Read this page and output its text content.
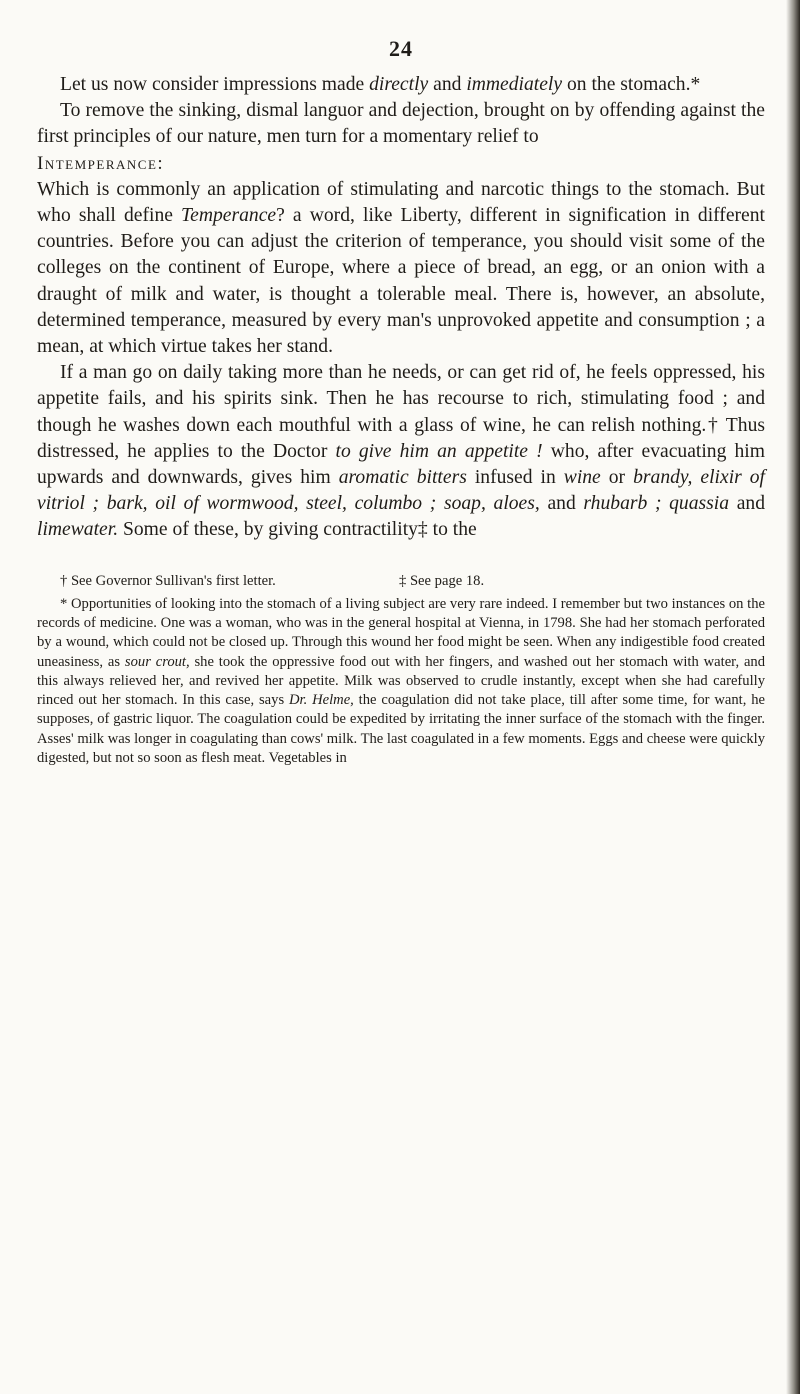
24

Let us now consider impressions made directly and immediately on the stomach.*

To remove the sinking, dismal languor and dejection, brought on by offending against the first principles of our nature, men turn for a momentary relief to

Intemperance:

Which is commonly an application of stimulating and narcotic things to the stomach. But who shall define Temperance? a word, like Liberty, different in signification in different countries. Before you can adjust the criterion of temperance, you should visit some of the colleges on the continent of Europe, where a piece of bread, an egg, or an onion with a draught of milk and water, is thought a tolerable meal. There is, however, an absolute, determined temperance, measured by every man's unprovoked appetite and consumption ; a mean, at which virtue takes her stand.

If a man go on daily taking more than he needs, or can get rid of, he feels oppressed, his appetite fails, and his spirits sink. Then he has recourse to rich, stimulating food ; and though he washes down each mouthful with a glass of wine, he can relish nothing.† Thus distressed, he applies to the Doctor to give him an appetite ! who, after evacuating him upwards and downwards, gives him aromatic bitters infused in wine or brandy, elixir of vitriol ; bark, oil of wormwood, steel, columbo ; soap, aloes, and rhubarb ; quassia and limewater. Some of these, by giving contractility‡ to the

† See Governor Sullivan's first letter.	‡ See page 18.

* Opportunities of looking into the stomach of a living subject are very rare indeed. I remember but two instances on the records of medicine. One was a woman, who was in the general hospital at Vienna, in 1798. She had her stomach perforated by a wound, which could not be closed up. Through this wound her food might be seen. When any indigestible food created uneasiness, as sour crout, she took the oppressive food out with her fingers, and washed out her stomach with water, and this always relieved her, and revived her appetite. Milk was observed to crudle instantly, except when she had carefully rinced out her stomach. In this case, says Dr. Helme, the coagulation did not take place, till after some time, for want, he supposes, of gastric liquor. The coagulation could be expedited by irritating the inner surface of the stomach with the finger. Asses' milk was longer in coagulating than cows' milk. The last coagulated in a few moments. Eggs and cheese were quickly digested, but not so soon as flesh meat. Vegetables in
